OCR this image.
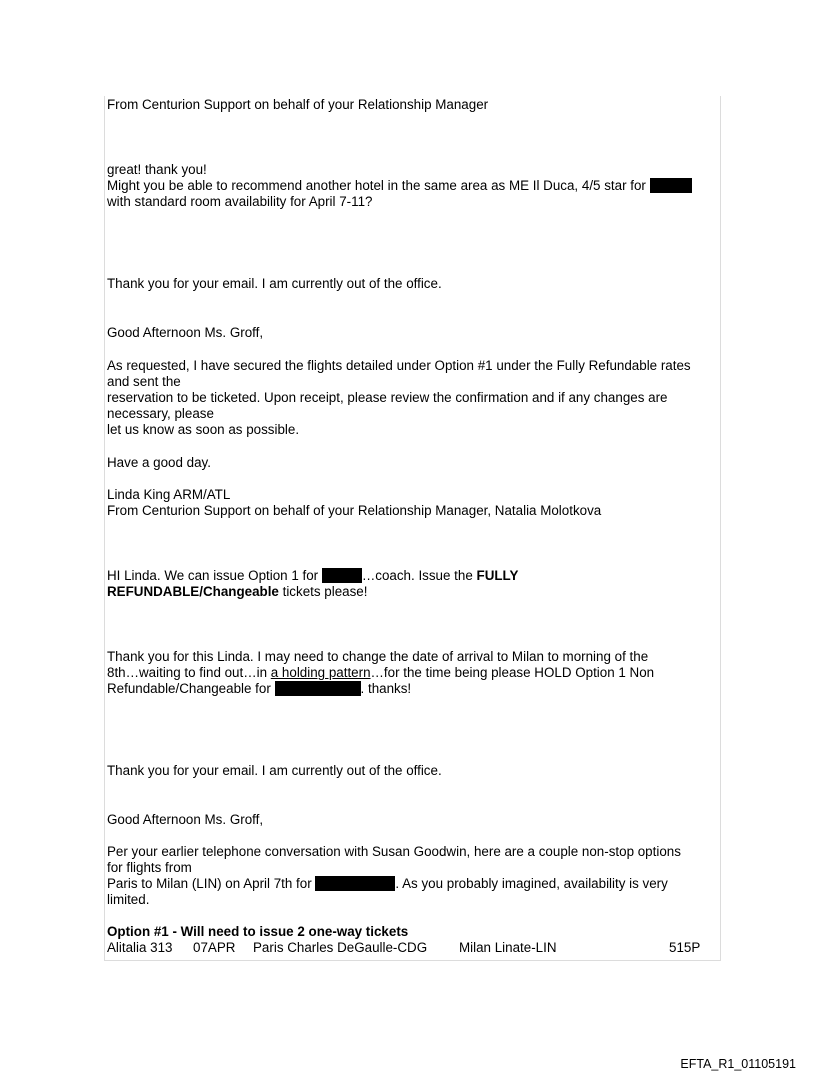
From Centurion Support on behalf of your Relationship Manager
great! thank you!
Might you be able to recommend another hotel in the same area as ME Il Duca, 4/5 star for
with standard room availability for April 7-11?
Thank you for your email. I am currently out of the office.
Good Afternoon Ms. Groff,
As requested, I have secured the flights detailed under Option #1 under the Fully Refundable rates
and sent the
reservation to be ticketed. Upon receipt, please review the confirmation and if any changes are
necessary, please
let us know as soon as possible.
Have a good day.
Linda King ARM/ATL
From Centurion Support on behalf of your Relationship Manager, Natalia Molotkova
HI Linda. We can issue Option 1 for	…coach. Issue the FULLY
REFUNDABLE/Changeable tickets please!
Thank you for this Linda. I may need to change the date of arrival to Milan to morning of the
8th…waiting to find out…in a holding pattern…for the time being please HOLD Option 1 Non
Refundable/Changeable for	. thanks!
Thank you for your email. I am currently out of the office.
Good Afternoon Ms. Groff,
Per your earlier telephone conversation with Susan Goodwin, here are a couple non-stop options
for flights from
Paris to Milan (LIN) on April 7th for	. As you probably imagined, availability is very
limited.
Option #1 - Will need to issue 2 one-way tickets
Alitalia 313 07APR Paris Charles DeGaulle-CDG Milan Linate-LIN	515P
EFTA_R1_01105191
